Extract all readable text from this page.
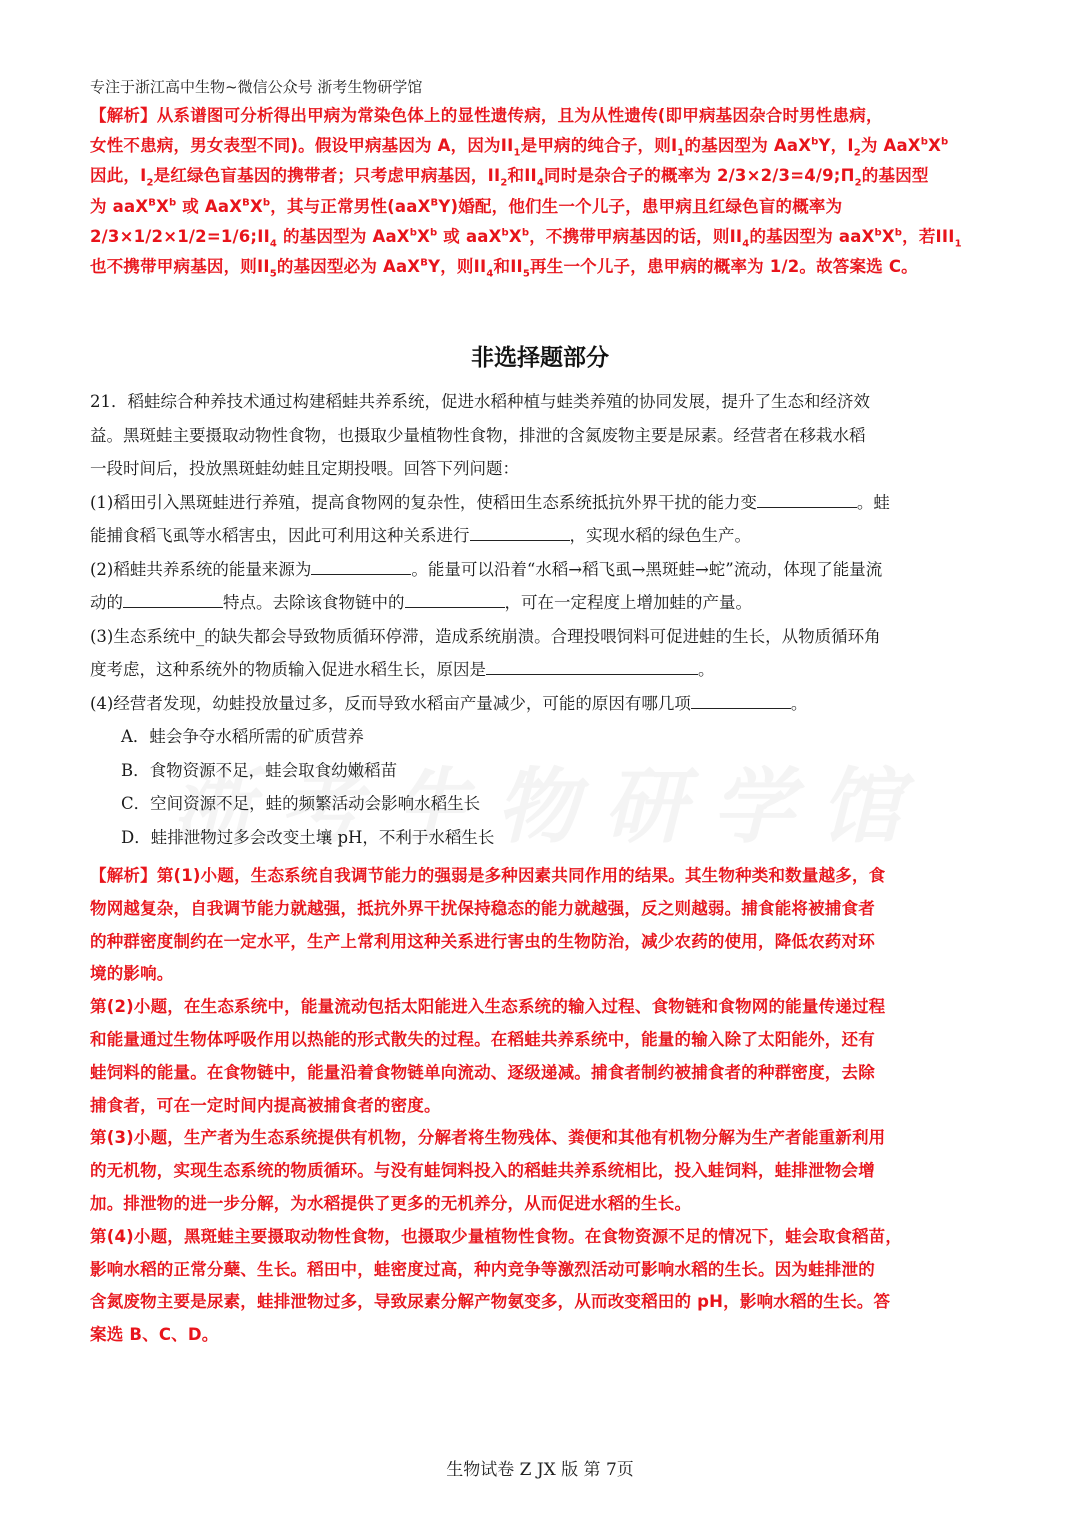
专注于浙江高中生物~微信公众号 浙考生物研学馆

【解析】从系谱图可分析得出甲病为常染色体上的显性遗传病，且为从性遗传(即甲病基因杂合时男性患病，

女性不患病，男女表型不同)。假设甲病基因为 A，因为$II_1$是甲病的纯合子，则$I_1$的基因型为 AaX$^b$Y，$I_2$为 $AaX^bX^b$

因此，$I_2$是红绿色盲基因的携带者；只考虑甲病基因，$II_2$和$II_4$同时是杂合子的概率为 $2/3\times 2/3=4/9;\Pi_2$的基因型

为 $aaX^BX^b$ 或 $AaX^BX^b$，其与正常男性(aaX$^B$Y)婚配，他们生一个儿子，患甲病且红绿色盲的概率为

$2/3\times 1/2\times 1/2=1/6;II_4$ 的基因型为 $AaX^bX^b$ 或 $aaX^bX^b$，不携带甲病基因的话，则$II_4$的基因型为 $aaX^bX^b$，若$III_1$

也不携带甲病基因，则$II_5$的基因型必为 AaX$^B$Y，则$II_4$和$II_5$再生一个儿子，患甲病的概率为 1/2。故答案选 C。

非选择题部分

21．稻蛙综合种养技术通过构建稻蛙共养系统，促进水稻种植与蛙类养殖的协同发展，提升了生态和经济效

益。黑斑蛙主要摄取动物性食物，也摄取少量植物性食物，排泄的含氮废物主要是尿素。经营者在移栽水稻

一段时间后，投放黑斑蛙幼蛙且定期投喂。回答下列问题：

(1)稻田引入黑斑蛙进行养殖，提高食物网的复杂性，使稻田生态系统抵抗外界干扰的能力变	。蛙

能捕食稻飞虱等水稻害虫，因此可利用这种关系进行	，实现水稻的绿色生产。

(2)稻蛙共养系统的能量来源为	。能量可以沿着“水稻→稻飞虱→黑斑蛙→蛇”流动，体现了能量流

动的	特点。去除该食物链中的	，可在一定程度上增加蛙的产量。

(3)生态系统中_的缺失都会导致物质循环停滞，造成系统崩溃。合理投喂饲料可促进蛙的生长，从物质循环角

度考虑，这种系统外的物质输入促进水稻生长，原因是	。

(4)经营者发现，幼蛙投放量过多，反而导致水稻亩产量减少，可能的原因有哪几项	。

A．蛙会争夺水稻所需的矿质营养

B．食物资源不足，蛙会取食幼嫩稻苗

C．空间资源不足，蛙的频繁活动会影响水稻生长

D．蛙排泄物过多会改变土壤 pH，不利于水稻生长

【解析】第(1)小题，生态系统自我调节能力的强弱是多种因素共同作用的结果。其生物种类和数量越多，食

物网越复杂，自我调节能力就越强，抵抗外界干扰保持稳态的能力就越强，反之则越弱。捕食能将被捕食者

的种群密度制约在一定水平，生产上常利用这种关系进行害虫的生物防治，减少农药的使用，降低农药对环

境的影响。

第(2)小题，在生态系统中，能量流动包括太阳能进入生态系统的输入过程、食物链和食物网的能量传递过程

和能量通过生物体呼吸作用以热能的形式散失的过程。在稻蛙共养系统中，能量的输入除了太阳能外，还有

蛙饲料的能量。在食物链中，能量沿着食物链单向流动、逐级递减。捕食者制约被捕食者的种群密度，去除

捕食者，可在一定时间内提高被捕食者的密度。

第(3)小题，生产者为生态系统提供有机物，分解者将生物残体、粪便和其他有机物分解为生产者能重新利用

的无机物，实现生态系统的物质循环。与没有蛙饲料投入的稻蛙共养系统相比，投入蛙饲料，蛙排泄物会增

加。排泄物的进一步分解，为水稻提供了更多的无机养分，从而促进水稻的生长。

第(4)小题，黑斑蛙主要摄取动物性食物，也摄取少量植物性食物。在食物资源不足的情况下，蛙会取食稻苗，

影响水稻的正常分蘖、生长。稻田中，蛙密度过高，种内竞争等激烈活动可影响水稻的生长。因为蛙排泄的

含氮废物主要是尿素，蛙排泄物过多，导致尿素分解产物氨变多，从而改变稻田的 pH，影响水稻的生长。答

案选 B、C、D。

生物试卷 Z JX 版 第 7页
